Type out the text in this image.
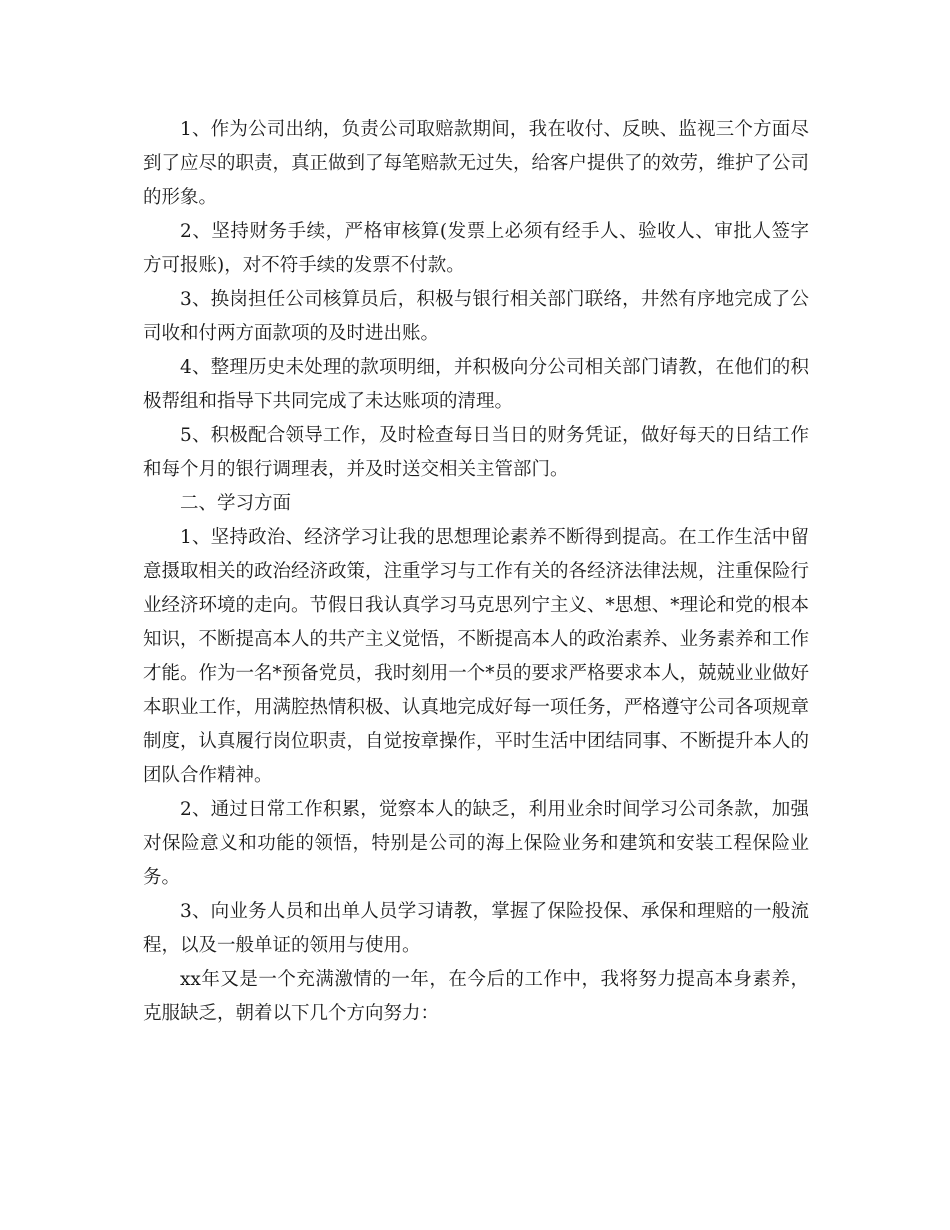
1、作为公司出纳，负责公司取赔款期间，我在收付、反映、监视三个方面尽到了应尽的职责，真正做到了每笔赔款无过失，给客户提供了的效劳，维护了公司的形象。

2、坚持财务手续，严格审核算(发票上必须有经手人、验收人、审批人签字方可报账)，对不符手续的发票不付款。

3、换岗担任公司核算员后，积极与银行相关部门联络，井然有序地完成了公司收和付两方面款项的及时进出账。

4、整理历史未处理的款项明细，并积极向分公司相关部门请教，在他们的积极帮组和指导下共同完成了未达账项的清理。

5、积极配合领导工作，及时检查每日当日的财务凭证，做好每天的日结工作和每个月的银行调理表，并及时送交相关主管部门。

二、学习方面

1、坚持政治、经济学习让我的思想理论素养不断得到提高。在工作生活中留意摄取相关的政治经济政策，注重学习与工作有关的各经济法律法规，注重保险行业经济环境的走向。节假日我认真学习马克思列宁主义、*思想、*理论和党的根本知识，不断提高本人的共产主义觉悟，不断提高本人的政治素养、业务素养和工作才能。作为一名*预备党员，我时刻用一个*员的要求严格要求本人，兢兢业业做好本职业工作，用满腔热情积极、认真地完成好每一项任务，严格遵守公司各项规章制度，认真履行岗位职责，自觉按章操作，平时生活中团结同事、不断提升本人的团队合作精神。

2、通过日常工作积累，觉察本人的缺乏，利用业余时间学习公司条款，加强对保险意义和功能的领悟，特别是公司的海上保险业务和建筑和安装工程保险业务。

3、向业务人员和出单人员学习请教，掌握了保险投保、承保和理赔的一般流程，以及一般单证的领用与使用。

xx年又是一个充满激情的一年，在今后的工作中，我将努力提高本身素养，克服缺乏，朝着以下几个方向努力：
